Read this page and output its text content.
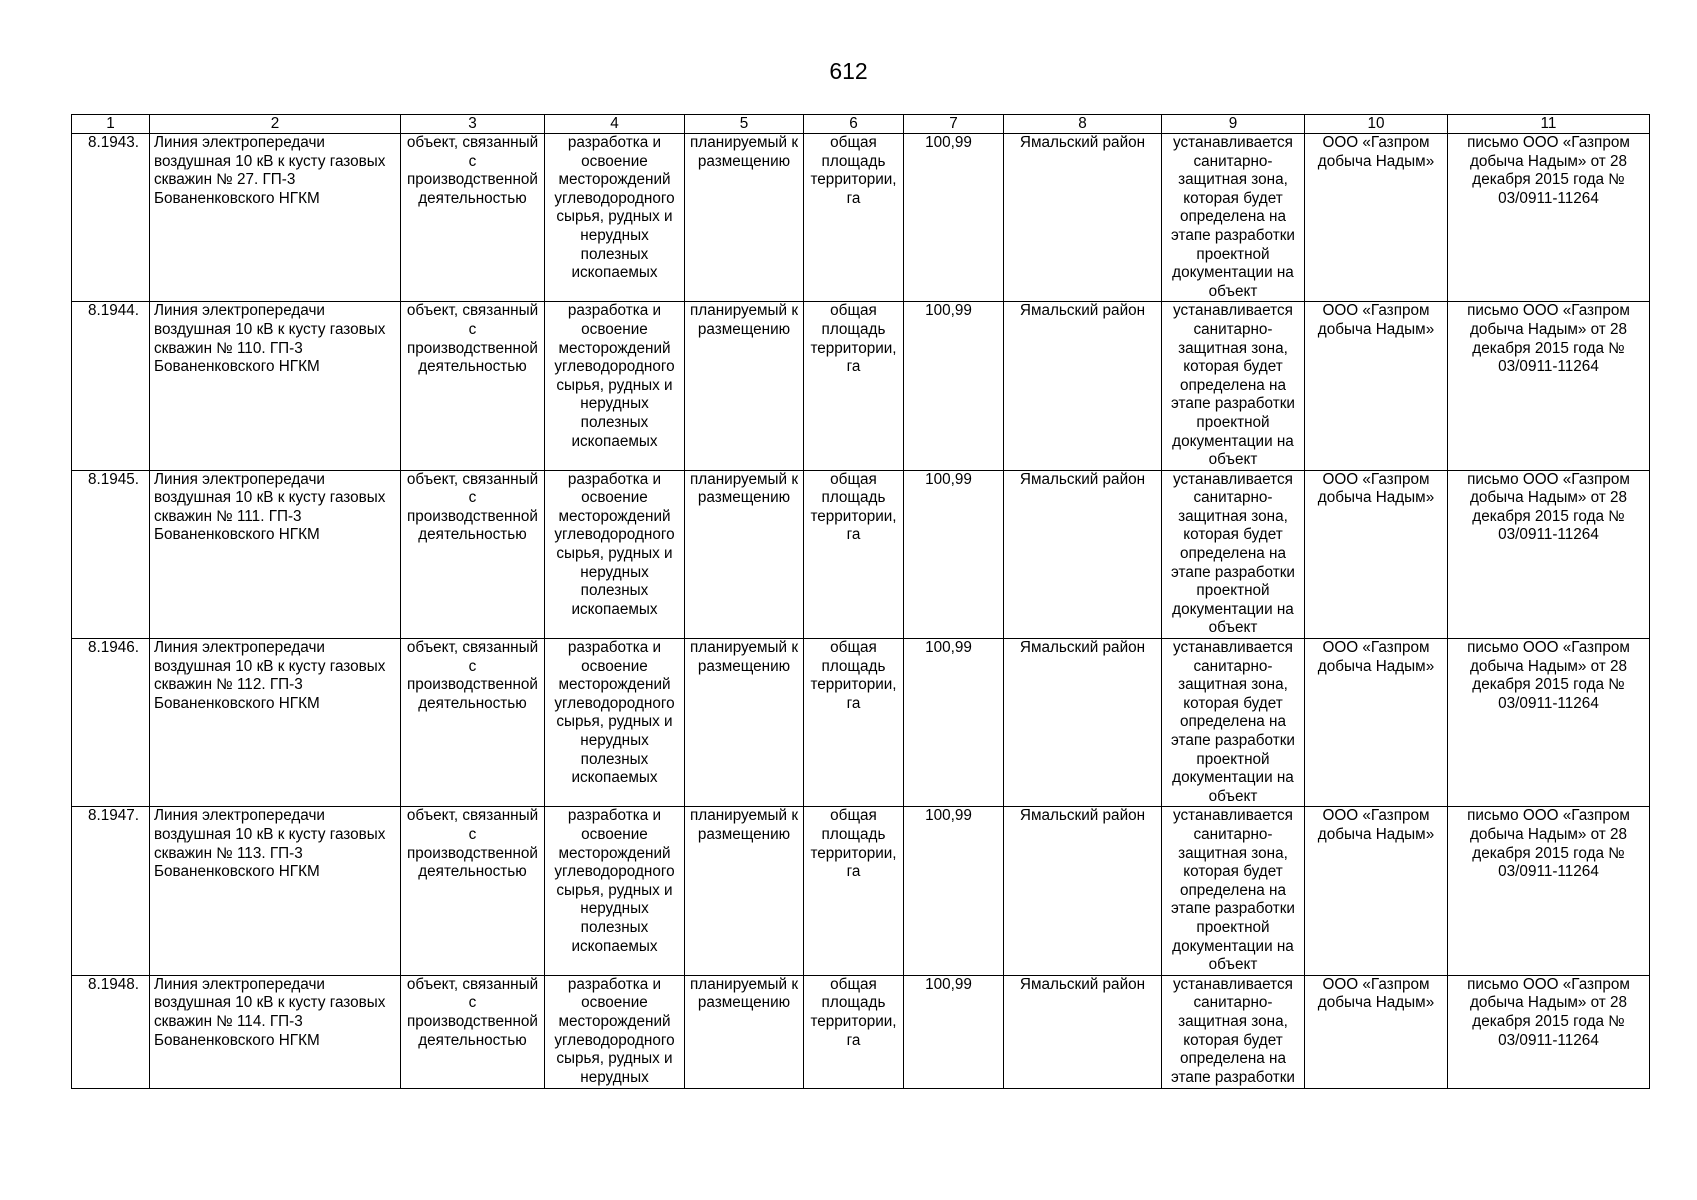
612
1	2	3	4	5	6	7	8	9	10	11
8.1943.	Линия электропередачи воздушная 10 кВ к кусту газовых скважин № 27. ГП-3 Бованенковского НГКМ	объект, связанный с производственной деятельностью	разработка и освоение месторождений углеводородного сырья, рудных и нерудных полезных ископаемых	планируемый к размещению	общая площадь территории, га	100,99	Ямальский район	устанавливается санитарно-защитная зона, которая будет определена на этапе разработки проектной документации на объект	ООО «Газпром добыча Надым»	письмо ООО «Газпром добыча Надым» от 28 декабря 2015 года № 03/0911-11264
8.1944.	Линия электропередачи воздушная 10 кВ к кусту газовых скважин № 110. ГП-3 Бованенковского НГКМ	объект, связанный с производственной деятельностью	разработка и освоение месторождений углеводородного сырья, рудных и нерудных полезных ископаемых	планируемый к размещению	общая площадь территории, га	100,99	Ямальский район	устанавливается санитарно-защитная зона, которая будет определена на этапе разработки проектной документации на объект	ООО «Газпром добыча Надым»	письмо ООО «Газпром добыча Надым» от 28 декабря 2015 года № 03/0911-11264
8.1945.	Линия электропередачи воздушная 10 кВ к кусту газовых скважин № 111. ГП-3 Бованенковского НГКМ	объект, связанный с производственной деятельностью	разработка и освоение месторождений углеводородного сырья, рудных и нерудных полезных ископаемых	планируемый к размещению	общая площадь территории, га	100,99	Ямальский район	устанавливается санитарно-защитная зона, которая будет определена на этапе разработки проектной документации на объект	ООО «Газпром добыча Надым»	письмо ООО «Газпром добыча Надым» от 28 декабря 2015 года № 03/0911-11264
8.1946.	Линия электропередачи воздушная 10 кВ к кусту газовых скважин № 112. ГП-3 Бованенковского НГКМ	объект, связанный с производственной деятельностью	разработка и освоение месторождений углеводородного сырья, рудных и нерудных полезных ископаемых	планируемый к размещению	общая площадь территории, га	100,99	Ямальский район	устанавливается санитарно-защитная зона, которая будет определена на этапе разработки проектной документации на объект	ООО «Газпром добыча Надым»	письмо ООО «Газпром добыча Надым» от 28 декабря 2015 года № 03/0911-11264
8.1947.	Линия электропередачи воздушная 10 кВ к кусту газовых скважин № 113. ГП-3 Бованенковского НГКМ	объект, связанный с производственной деятельностью	разработка и освоение месторождений углеводородного сырья, рудных и нерудных полезных ископаемых	планируемый к размещению	общая площадь территории, га	100,99	Ямальский район	устанавливается санитарно-защитная зона, которая будет определена на этапе разработки проектной документации на объект	ООО «Газпром добыча Надым»	письмо ООО «Газпром добыча Надым» от 28 декабря 2015 года № 03/0911-11264
8.1948.	Линия электропередачи воздушная 10 кВ к кусту газовых скважин № 114. ГП-3 Бованенковского НГКМ	объект, связанный с производственной деятельностью	разработка и освоение месторождений углеводородного сырья, рудных и нерудных	планируемый к размещению	общая площадь территории, га	100,99	Ямальский район	устанавливается санитарно-защитная зона, которая будет определена на этапе разработки	ООО «Газпром добыча Надым»	письмо ООО «Газпром добыча Надым» от 28 декабря 2015 года № 03/0911-11264
